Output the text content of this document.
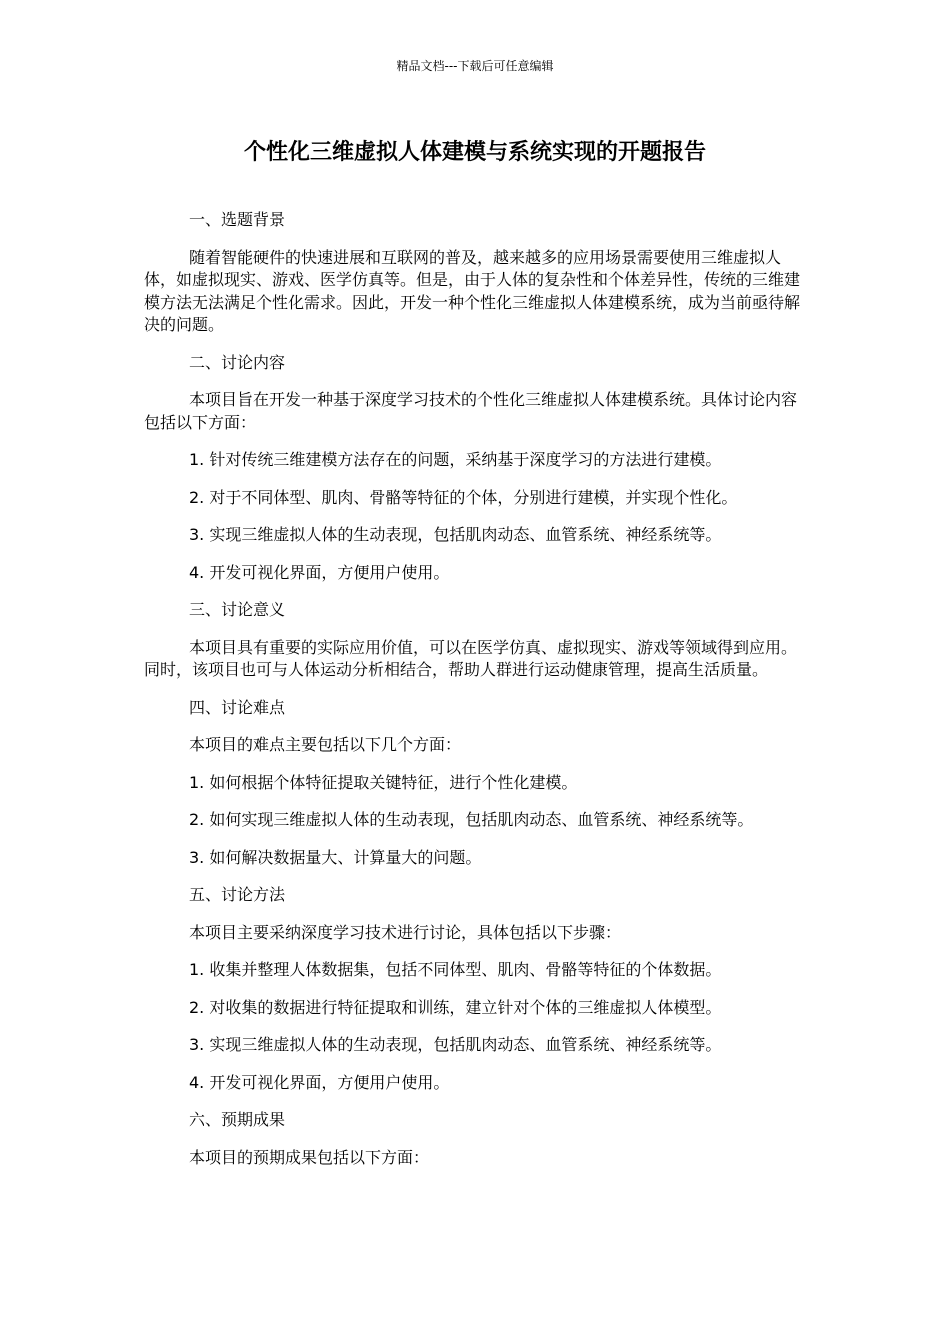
精品文档---下载后可任意编辑
个性化三维虚拟人体建模与系统实现的开题报告

一、选题背景

随着智能硬件的快速进展和互联网的普及，越来越多的应用场景需要使用三维虚拟人体，如虚拟现实、游戏、医学仿真等。但是，由于人体的复杂性和个体差异性，传统的三维建模方法无法满足个性化需求。因此，开发一种个性化三维虚拟人体建模系统，成为当前亟待解决的问题。

二、讨论内容

本项目旨在开发一种基于深度学习技术的个性化三维虚拟人体建模系统。具体讨论内容包括以下方面：

1. 针对传统三维建模方法存在的问题，采纳基于深度学习的方法进行建模。

2. 对于不同体型、肌肉、骨骼等特征的个体，分别进行建模，并实现个性化。

3. 实现三维虚拟人体的生动表现，包括肌肉动态、血管系统、神经系统等。

4. 开发可视化界面，方便用户使用。

三、讨论意义

本项目具有重要的实际应用价值，可以在医学仿真、虚拟现实、游戏等领域得到应用。同时，该项目也可与人体运动分析相结合，帮助人群进行运动健康管理，提高生活质量。

四、讨论难点

本项目的难点主要包括以下几个方面：

1. 如何根据个体特征提取关键特征，进行个性化建模。

2. 如何实现三维虚拟人体的生动表现，包括肌肉动态、血管系统、神经系统等。

3. 如何解决数据量大、计算量大的问题。

五、讨论方法

本项目主要采纳深度学习技术进行讨论，具体包括以下步骤：

1. 收集并整理人体数据集，包括不同体型、肌肉、骨骼等特征的个体数据。

2. 对收集的数据进行特征提取和训练，建立针对个体的三维虚拟人体模型。

3. 实现三维虚拟人体的生动表现，包括肌肉动态、血管系统、神经系统等。

4. 开发可视化界面，方便用户使用。

六、预期成果

本项目的预期成果包括以下方面：
